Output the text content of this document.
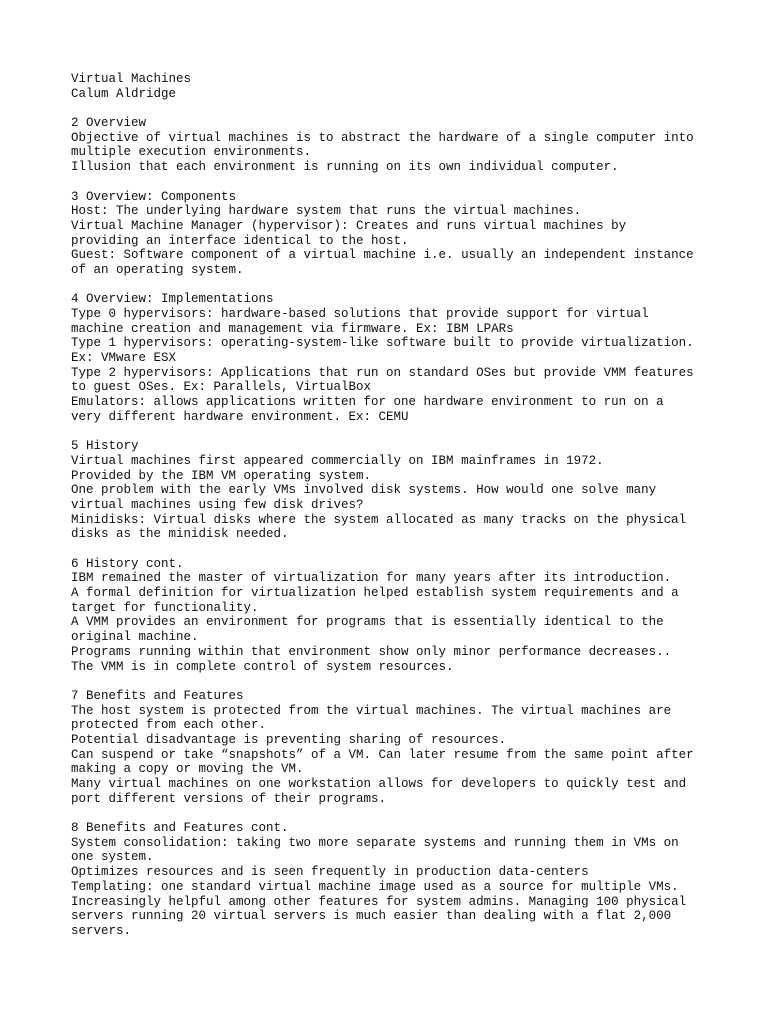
Virtual Machines
Calum Aldridge
2 Overview
Objective of virtual machines is to abstract the hardware of a single computer into
multiple execution environments.
Illusion that each environment is running on its own individual computer.
3 Overview: Components
Host: The underlying hardware system that runs the virtual machines.
Virtual Machine Manager (hypervisor): Creates and runs virtual machines by
providing an interface identical to the host.
Guest: Software component of a virtual machine i.e. usually an independent instance
of an operating system.
4 Overview: Implementations
Type 0 hypervisors: hardware-based solutions that provide support for virtual
machine creation and management via firmware. Ex: IBM LPARs
Type 1 hypervisors: operating-system-like software built to provide virtualization.
Ex: VMware ESX
Type 2 hypervisors: Applications that run on standard OSes but provide VMM features
to guest OSes. Ex: Parallels, VirtualBox
Emulators: allows applications written for one hardware environment to run on a
very different hardware environment. Ex: CEMU
5 History
Virtual machines first appeared commercially on IBM mainframes in 1972.
Provided by the IBM VM operating system.
One problem with the early VMs involved disk systems. How would one solve many
virtual machines using few disk drives?
Minidisks: Virtual disks where the system allocated as many tracks on the physical
disks as the minidisk needed.
6 History cont.
IBM remained the master of virtualization for many years after its introduction.
A formal definition for virtualization helped establish system requirements and a
target for functionality.
A VMM provides an environment for programs that is essentially identical to the
original machine.
Programs running within that environment show only minor performance decreases..
The VMM is in complete control of system resources.
7 Benefits and Features
The host system is protected from the virtual machines. The virtual machines are
protected from each other.
Potential disadvantage is preventing sharing of resources.
Can suspend or take “snapshots” of a VM. Can later resume from the same point after
making a copy or moving the VM.
Many virtual machines on one workstation allows for developers to quickly test and
port different versions of their programs.
8 Benefits and Features cont.
System consolidation: taking two more separate systems and running them in VMs on
one system.
Optimizes resources and is seen frequently in production data-centers
Templating: one standard virtual machine image used as a source for multiple VMs.
Increasingly helpful among other features for system admins. Managing 100 physical
servers running 20 virtual servers is much easier than dealing with a flat 2,000
servers.
